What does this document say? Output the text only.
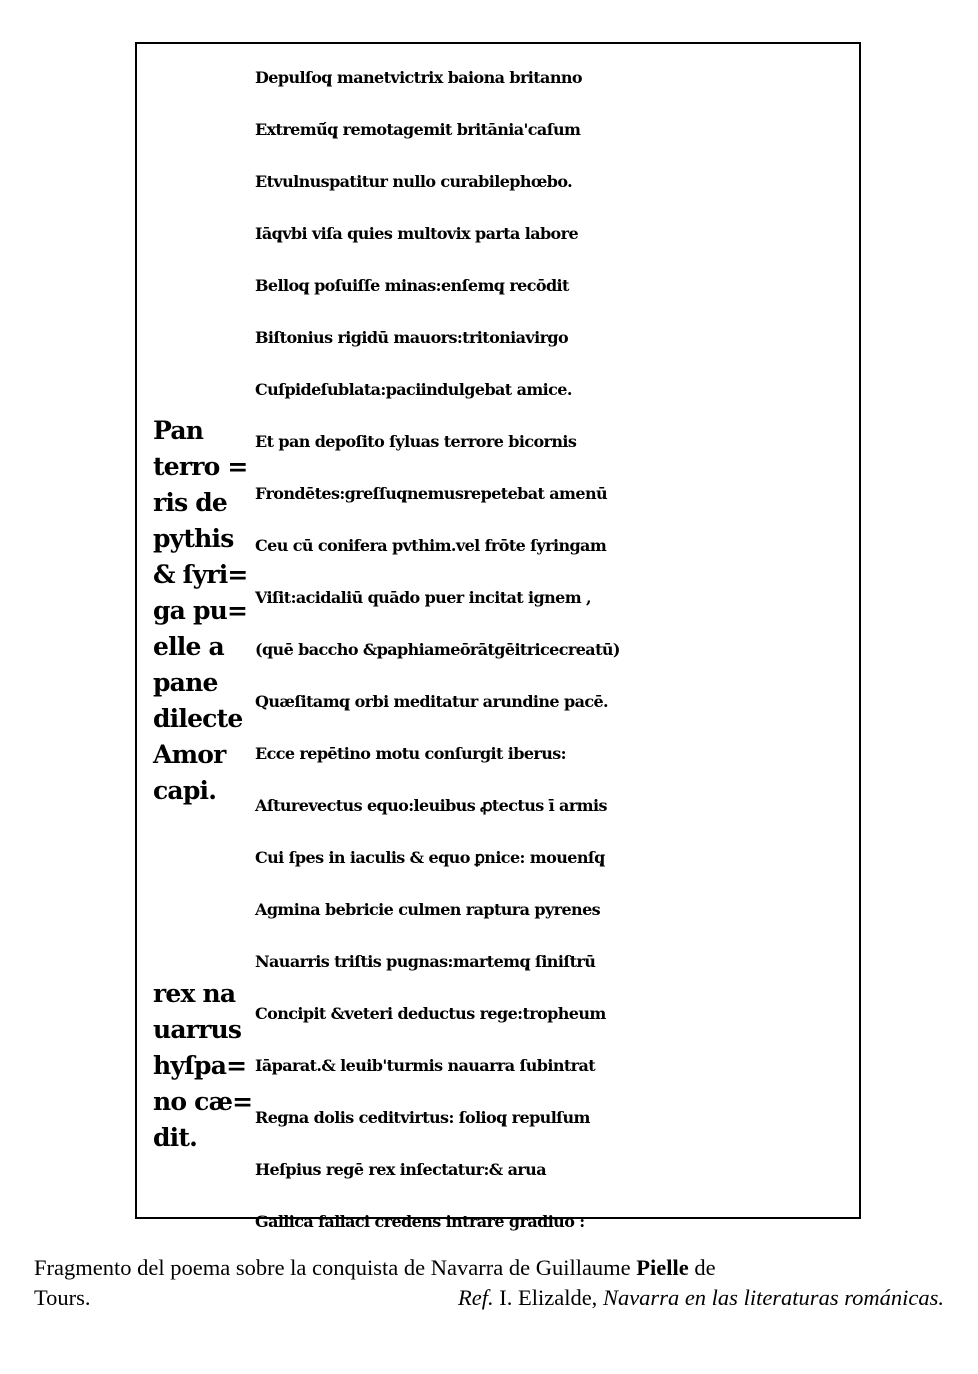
Depulſoq̨ manetvictrix baiona britanno
Extremū́q̨ remotagemit britānia'caſum
Etvulnuspatitur nullo curabilephœbo.
Iāq̨vbi viſa quies multovix parta labore
Belloq̨ poſuiſſe minas:enſemq̨ recōdit
Biſtonius rigidū mauors:tritoniavirgo
Cuſpideſublata:paciindulgebat amice.
Et pan depoſito ſyluas terrore bicornis
Frondētes:greſſuq̨nemusrepetebat amenū
Ceu cū conifera pvthim.vel frōte ſyringam
Viſit:acidaliū quādo puer incitat ignem ,
(quē baccho &paphiameōrātgēitricecreatū)
Quæſitamq̨ orbi meditatur arundine pacē.
Ecce repētino motu conſurgit iberus:
Aſturevectus equo:leuibus ꝓtectus ī armis
Cui ſpes in iaculis & equo ꝑnice: mouenſq̨
Agmina bebricie culmen raptura pyrenes
Nauarris triſtis pugnas:martemq̨ ſiniſtrū
Concipit &veteri deductus rege:tropheum
Iāparat.& leuib'turmis nauarra ſubintrat
Regna dolis ceditvirtus: ſolioq̨ repulſum
Heſpius regē rex inſectatur:& arua
Gallica fallaci credens intrare gradiuo :
Pan
terro =
ris de
pythis
& ſyri=
ga pu=
elle a
pane
dilecte
Amor
capi.
rex na
uarrus
hyſpa=
no cæ=
dit.
Fragmento del poema sobre la conquista de Navarra de Guillaume Pielle de
Tours.	Ref. I. Elizalde, Navarra en las literaturas románicas.
